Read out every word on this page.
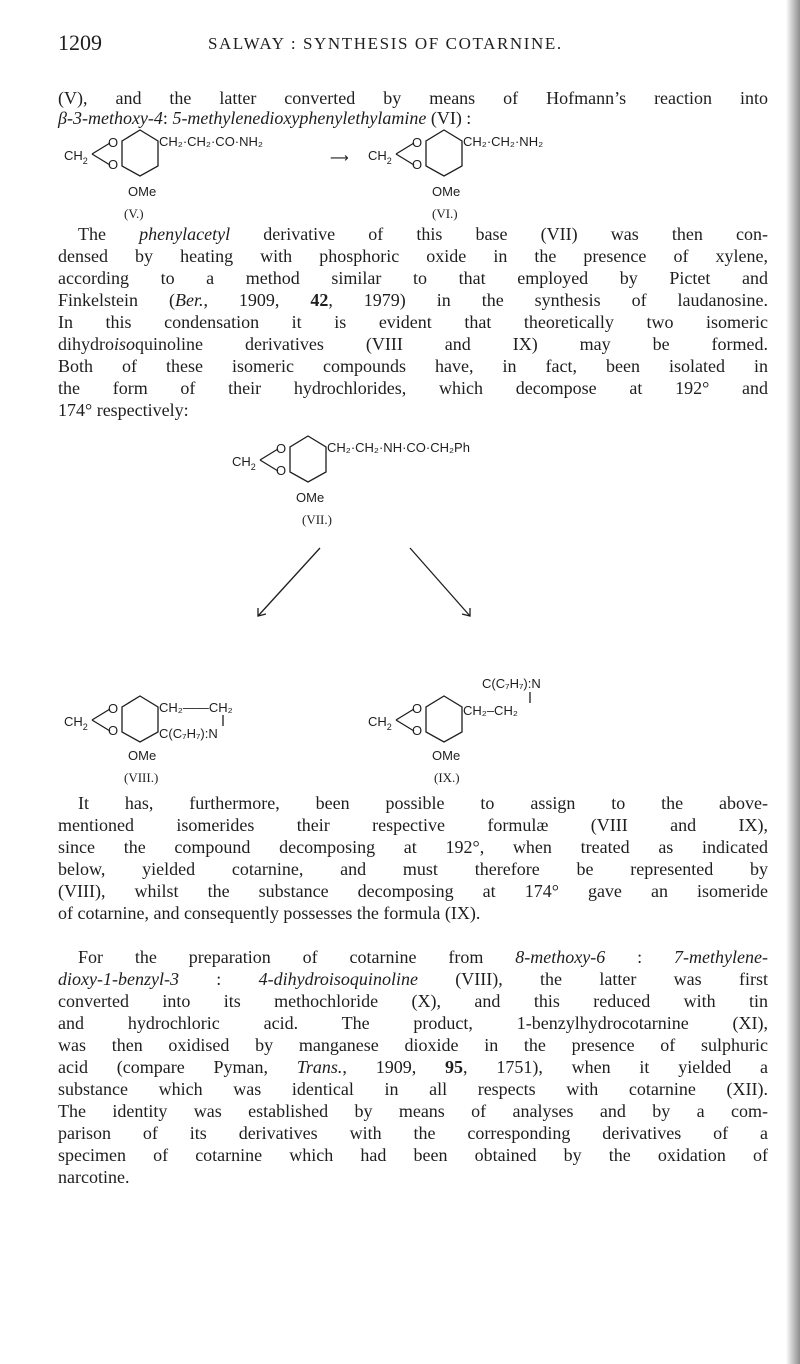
1209	SALWAY : SYNTHESIS OF COTARNINE.
(V), and the latter converted by means of Hofmann’s reaction into
β-3-methoxy-4: 5-methylenedioxyphenylethylamine (VI) :
$CH_2$
O
O
CH₂·CH₂·CO·NH₂
OMe
(V.)
⟶ $CH_2$
O
O
CH₂·CH₂·NH₂
OMe
(VI.)
The phenylacetyl derivative of this base (VII) was then con-
densed by heating with phosphoric oxide in the presence of xylene,
according to a method similar to that employed by Pictet and
Finkelstein (Ber., 1909, 42, 1979) in the synthesis of laudanosine.
In this condensation it is evident that theoretically two isomeric
dihydroisoquinoline derivatives (VIII and IX) may be formed.
Both of these isomeric compounds have, in fact, been isolated in
the form of their hydrochlorides, which decompose at 192° and
174° respectively:
$CH_2$
O
O
CH₂·CH₂·NH·CO·CH₂Ph
OMe
(VII.)
$CH_2$
O
O
CH₂——CH₂
C(C₇H₇):N
OMe
(VIII.)
C(C₇H₇):N
$CH_2$
O
O
CH₂–CH₂
OMe
(IX.)
It has, furthermore, been possible to assign to the above-
mentioned isomerides their respective formulæ (VIII and IX),
since the compound decomposing at 192°, when treated as indicated
below, yielded cotarnine, and must therefore be represented by
(VIII), whilst the substance decomposing at 174° gave an isomeride
of cotarnine, and consequently possesses the formula (IX).
For the preparation of cotarnine from 8-methoxy-6 : 7-methylene-
dioxy-1-benzyl-3 : 4-dihydroisoquinoline (VIII), the latter was first
converted into its methochloride (X), and this reduced with tin
and hydrochloric acid. The product, 1-benzylhydrocotarnine (XI),
was then oxidised by manganese dioxide in the presence of sulphuric
acid (compare Pyman, Trans., 1909, 95, 1751), when it yielded a
substance which was identical in all respects with cotarnine (XII).
The identity was established by means of analyses and by a com-
parison of its derivatives with the corresponding derivatives of a
specimen of cotarnine which had been obtained by the oxidation of
narcotine.
